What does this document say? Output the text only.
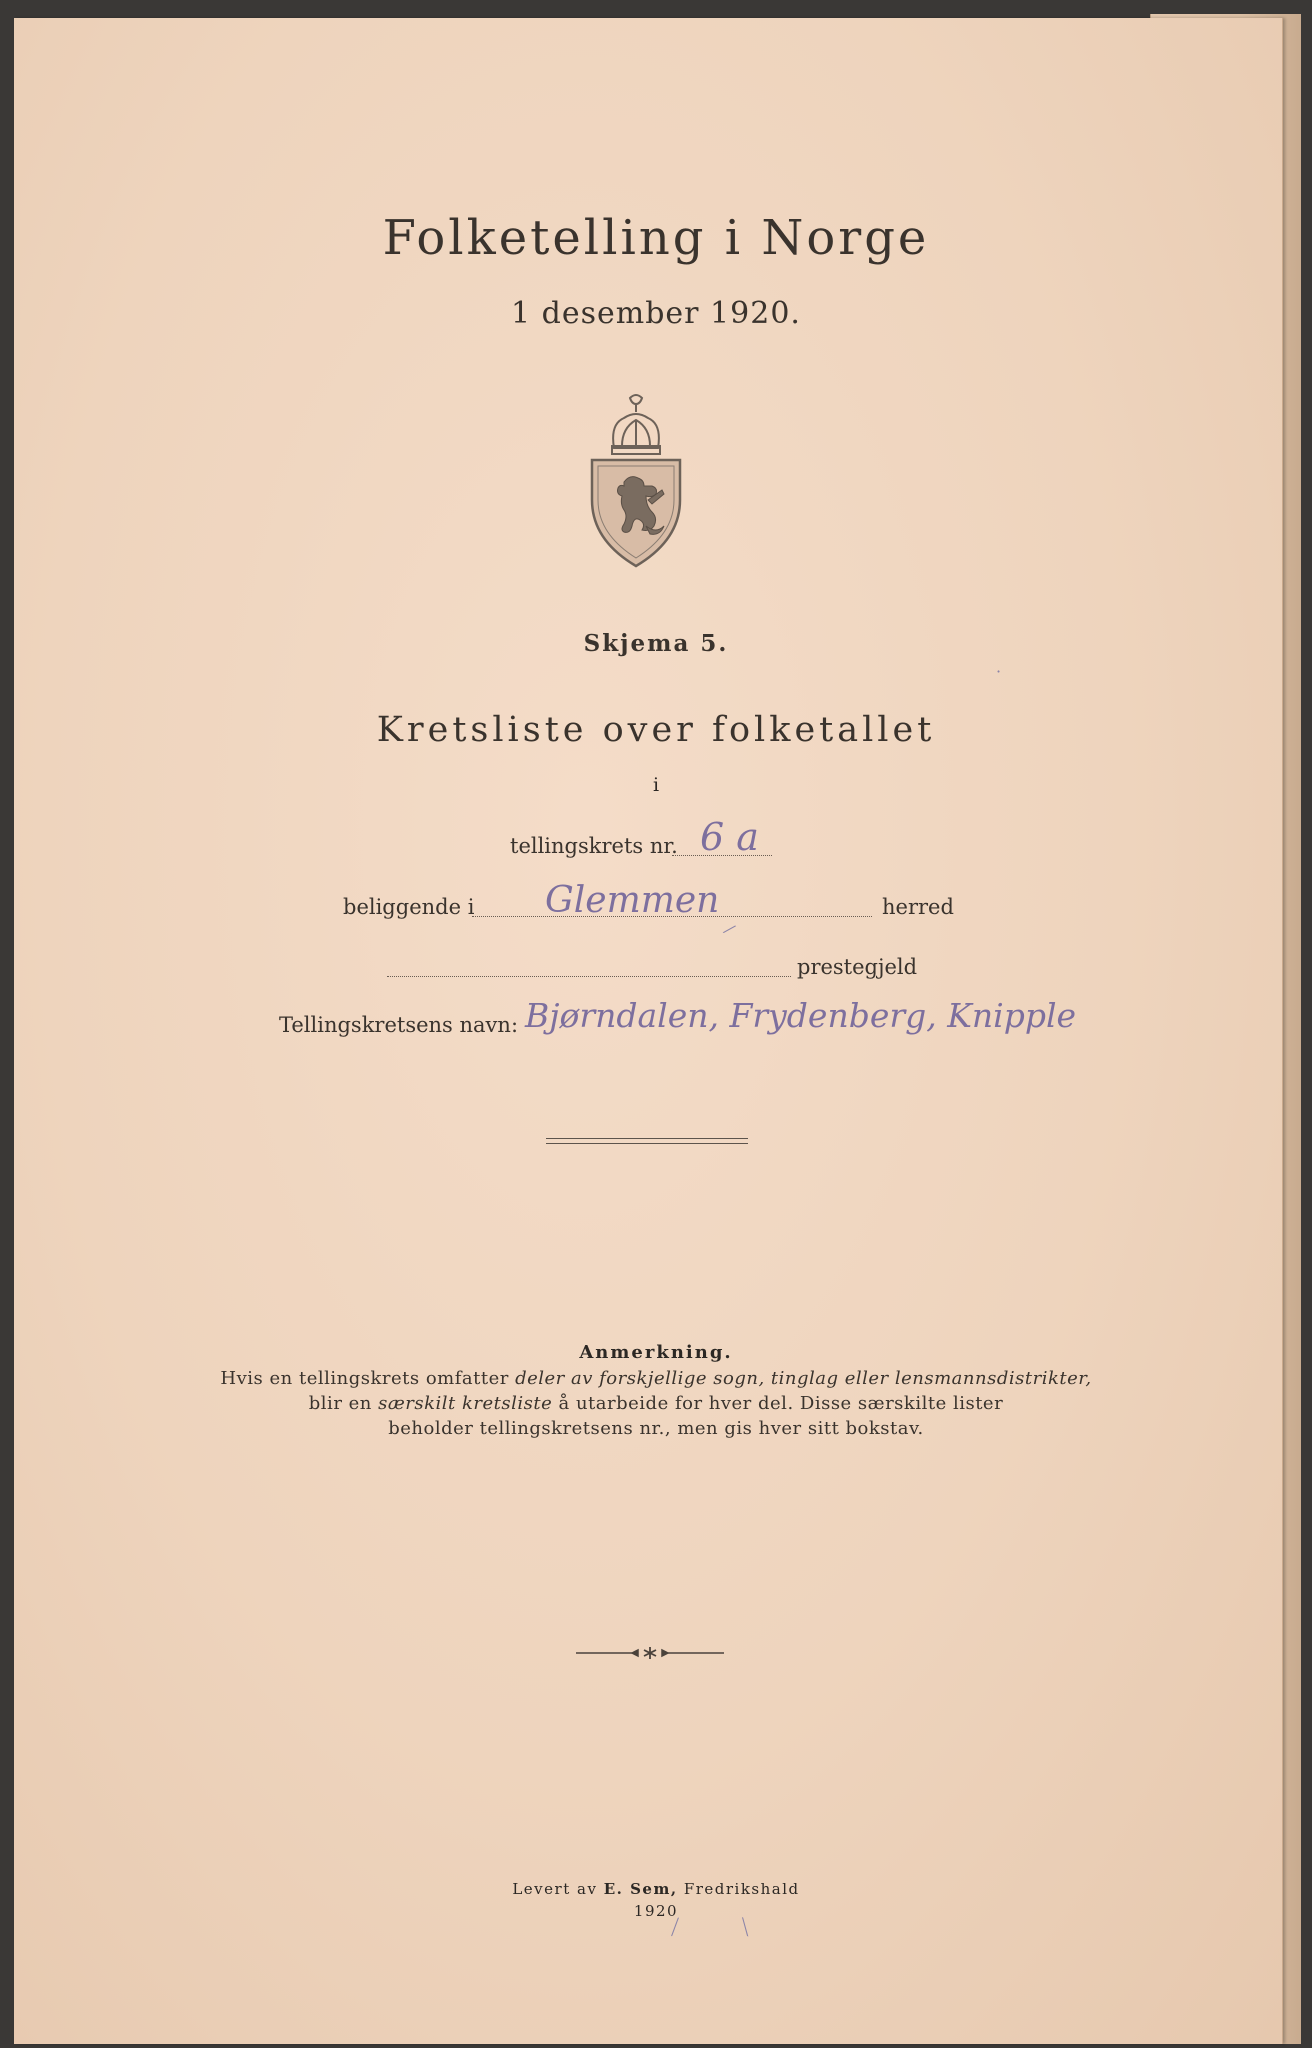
Folketelling i Norge
1 desember 1920.
Skjema 5.
Kretsliste over folketallet
i
tellingskrets nr. 6 a
beliggende i Glemmen	herred
prestegjeld
Tellingskretsens navn: Bjørndalen, Frydenberg, Knipple
Anmerkning.
Hvis en tellingskrets omfatter deler av forskjellige sogn, tinglag eller lensmannsdistrikter,
blir en særskilt kretsliste å utarbeide for hver del. Disse særskilte lister
beholder tellingskretsens nr., men gis hver sitt bokstav.
Levert av E. Sem, Fredrikshald
1920
·
⁄
⟋ ⟍
